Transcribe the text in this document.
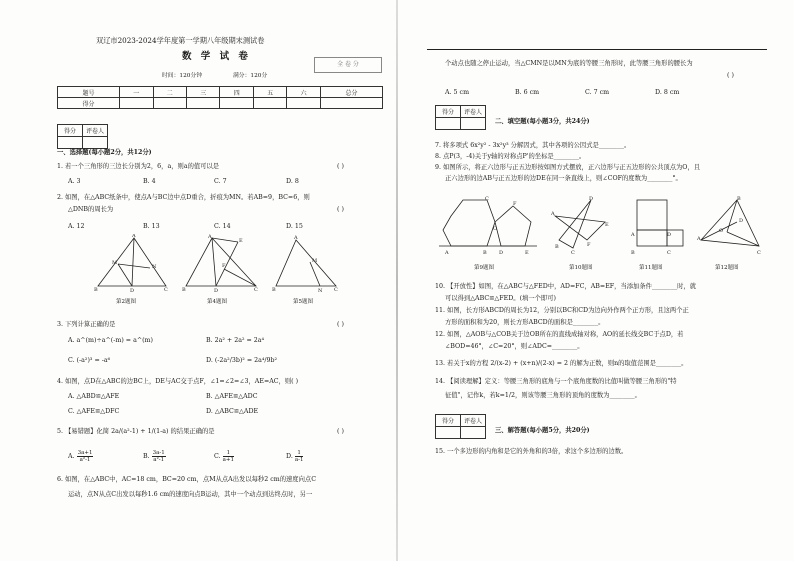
双辽市2023-2024学年度第一学期八年级期末测试卷
数 学 试 卷
时间：120分钟	满分：120分
全 卷 分
题号	一	二	三	四	五	六	总分
得分							
得分	评卷人

一、选择题(每小题2分，共12分)
1. 若一个三角形的三边长分别为2，6，a，则a的值可以是	( )
A. 3	B. 4	C. 7	D. 8
2. 如图，在△ABC纸条中，使点A与BC边中点D重合，折痕为MN。若AB=9，BC=6，则
△DNB的周长为	( )
A. 12	B. 13	C. 14	D. 15
A
M
N
B	D	C
A
E
F
B	D	C
A
M
B	N C
第2题图	第4题图	第5题图
3. 下列计算正确的是	( )
A. a^(m)÷a^(-m) = a^(m)	B. 2a² + 2a² = 2a⁴
C. (-a²)³ = -a⁶	D. (-2a²/3b)² = 2a⁴/9b²
4. 如图，点D在△ABC的边BC上，DE与AC交于点F，∠1=∠2=∠3，AE=AC，则( )
A. △ABD≌△AFE	B. △AFE≌△ADC
C. △AFE≌△DFC	D. △ABC≌△ADE
5. 【易错题】化简 2a/(a²-1) + 1/(1-a) 的结果正确的是	( )
A. $\frac{3a+1}{\text{a²-1}}$	B. $\frac{3a-1}{\text{a²-1}}$	C. $\frac{1}{a+1}$	D. $\frac{1}{a-1}$
6. 如图，在△ABC中，AC=18 cm，BC=20 cm，点M从点A出发以每秒2 cm的速度向点C
运动，点N从点C出发以每秒1.6 cm的速度向点B运动，其中一个动点到达终点时，另一
个动点也随之停止运动，当△CMN是以MN为底的等腰三角形时，此等腰三角形的腰长为
( )
A. 5 cm	B. 6 cm	C. 7 cm	D. 8 cm
得分	评卷人

二、填空题(每小题3分，共24分)
7. 将多项式 6x²y² - 3x²y³ 分解因式，其中各项的公因式是________。
8. 点P(3，-4)关于y轴的对称点P'的坐标是________。
9. 如图所示，将正六边形与正五边形按如图方式摆放，正六边形与正五边形的公共顶点为O，且
正六边形的边AB与正五边形的边DE在同一条直线上，则∠COF的度数为________°。
C
F
O
A	B D	E
A
D
E
B
C
F
A	D
B	C
B
A
O
D
C
第9题图	第10题图	第11题图	第12题图
10. 【开放性】如图，在△ABC与△FED中，AD=FC，AB=EF，当添加条件________时，就
可以得到△ABC≌△FED。(填一个即可)
11. 如图，长方形ABCD的周长为12，分别以BC和CD为边向外作两个正方形，且这两个正
方形的面积和为20，则长方形ABCD的面积是________。
12. 如图，△AOB与△COB关于边OB所在的直线成轴对称，AO的延长线交BC于点D，若
∠BOD=46°，∠C=20°，则∠ADC=________。
13. 若关于x的方程 2/(x-2) + (x+n)/(2-x) = 2 的解为正数，则n的取值范围是________。
14. 【阅读理解】定义：等腰三角形的底角与一个底角度数的比值叫做等腰三角形的"特
征值"，记作k，若k=1/2，则该等腰三角形的顶角的度数为________。
得分	评卷人

三、解答题(每小题5分，共20分)
15. 一个多边形的内角和是它的外角和的3倍，求这个多边形的边数。
